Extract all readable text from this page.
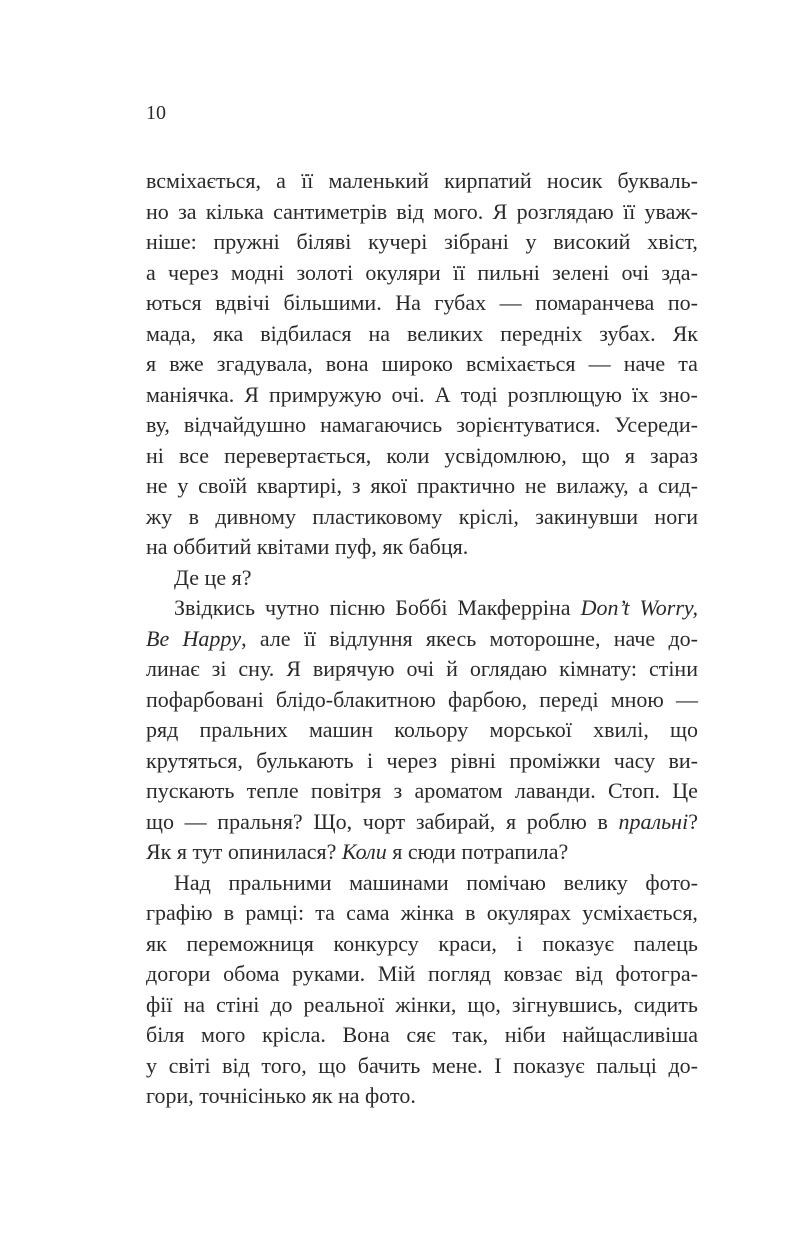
10
всміхається, а її маленький кирпатий носик букваль-
но за кілька сантиметрів від мого. Я розглядаю її уваж-
ніше: пружні біляві кучері зібрані у високий хвіст,
а через модні золоті окуляри її пильні зелені очі зда-
ються вдвічі більшими. На губах — помаранчева по-
мада, яка відбилася на великих передніх зубах. Як
я вже згадувала, вона широко всміхається — наче та
маніячка. Я примружую очі. А тоді розплющую їх зно-
ву, відчайдушно намагаючись зорієнтуватися. Усереди-
ні все перевертається, коли усвідомлюю, що я зараз
не у своїй квартирі, з якої практично не вилажу, а сид-
жу в дивному пластиковому кріслі, закинувши ноги
на оббитий квітами пуф, як бабця.
Де це я?
Звідкись чутно пісню Боббі Макферріна Don’t Worry,
Be Happy, але її відлуння якесь моторошне, наче до-
линає зі сну. Я вирячую очі й оглядаю кімнату: стіни
пофарбовані блідо-блакитною фарбою, переді мною —
ряд пральних машин кольору морської хвилі, що
крутяться, булькають і через рівні проміжки часу ви-
пускають тепле повітря з ароматом лаванди. Стоп. Це
що — пральня? Що, чорт забирай, я роблю в пральні?
Як я тут опинилася? Коли я сюди потрапила?
Над пральними машинами помічаю велику фото-
графію в рамці: та сама жінка в окулярах усміхається,
як переможниця конкурсу краси, і показує палець
догори обома руками. Мій погляд ковзає від фотогра-
фії на стіні до реальної жінки, що, зігнувшись, сидить
біля мого крісла. Вона сяє так, ніби найщасливіша
у світі від того, що бачить мене. І показує пальці до-
гори, точнісінько як на фото.
